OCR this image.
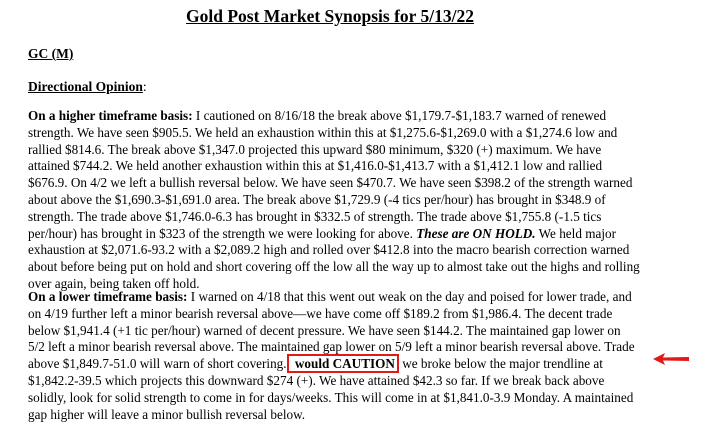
Gold Post Market Synopsis for 5/13/22
GC (M)
Directional Opinion:
On a higher timeframe basis: I cautioned on 8/16/18 the break above $1,179.7-$1,183.7 warned of renewed
strength. We have seen $905.5. We held an exhaustion within this at $1,275.6-$1,269.0 with a $1,274.6 low and
rallied $814.6. The break above $1,347.0 projected this upward $80 minimum, $320 (+) maximum. We have
attained $744.2. We held another exhaustion within this at $1,416.0-$1,413.7 with a $1,412.1 low and rallied
$676.9. On 4/2 we left a bullish reversal below. We have seen $470.7. We have seen $398.2 of the strength warned
about above the $1,690.3-$1,691.0 area. The break above $1,729.9 (-4 tics per/hour) has brought in $348.9 of
strength. The trade above $1,746.0-6.3 has brought in $332.5 of strength. The trade above $1,755.8 (-1.5 tics
per/hour) has brought in $323 of the strength we were looking for above. These are ON HOLD. We held major
exhaustion at $2,071.6-93.2 with a $2,089.2 high and rolled over $412.8 into the macro bearish correction warned
about before being put on hold and short covering off the low all the way up to almost take out the highs and rolling
over again, being taken off hold.
On a lower timeframe basis: I warned on 4/18 that this went out weak on the day and poised for lower trade, and
on 4/19 further left a minor bearish reversal above—we have come off $189.2 from $1,986.4. The decent trade
below $1,941.4 (+1 tic per/hour) warned of decent pressure. We have seen $144.2. The maintained gap lower on
5/2 left a minor bearish reversal above. The maintained gap lower on 5/9 left a minor bearish reversal above. Trade
above $1,849.7-51.0 will warn of short covering. would CAUTION we broke below the major trendline at
$1,842.2-39.5 which projects this downward $274 (+). We have attained $42.3 so far. If we break back above
solidly, look for solid strength to come in for days/weeks. This will come in at $1,841.0-3.9 Monday. A maintained
gap higher will leave a minor bullish reversal below.
